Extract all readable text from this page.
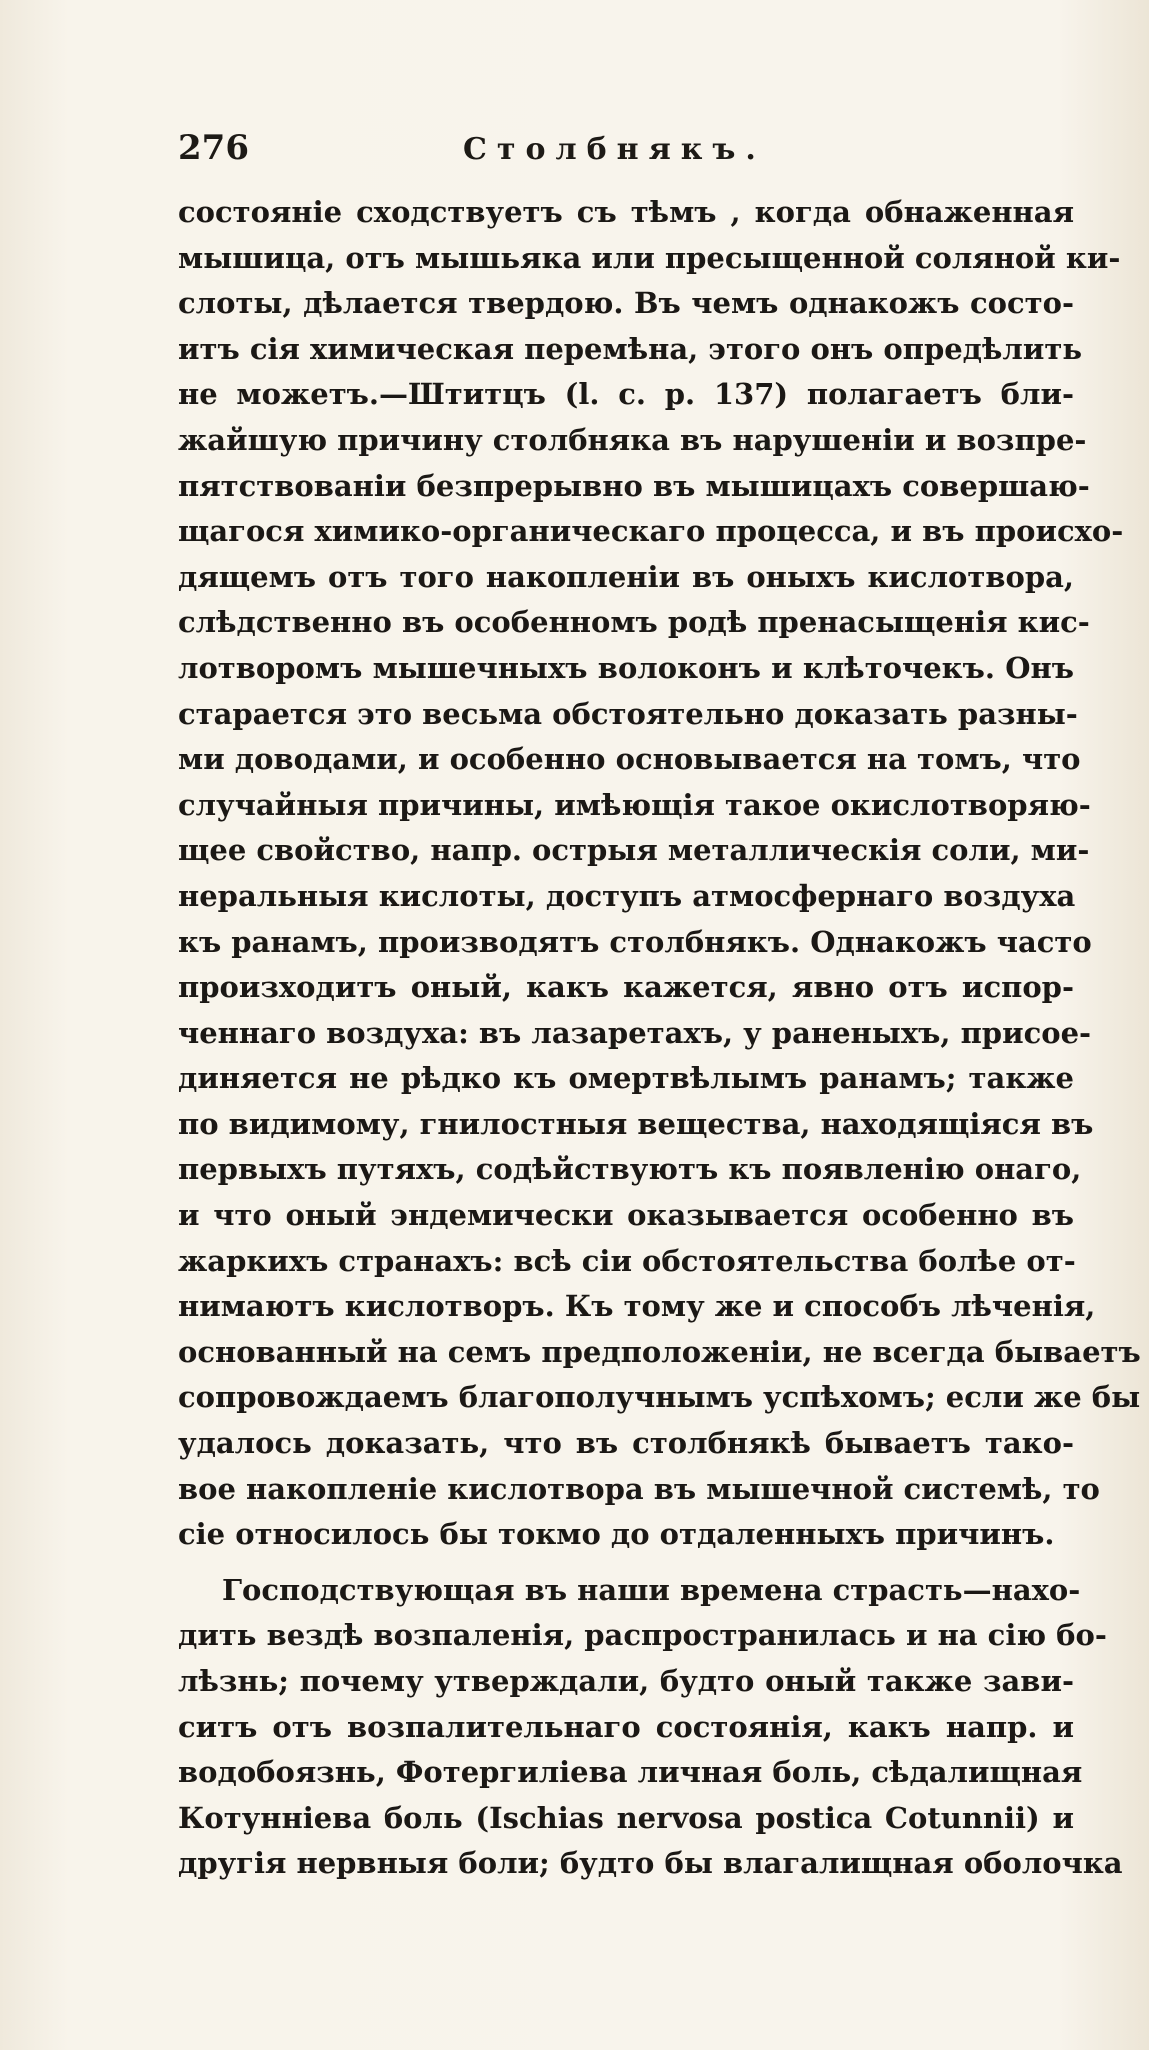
276	Столбнякъ.
состояніе сходствуетъ съ тѣмъ , когда обнаженная
мышица, отъ мышьяка или пресыщенной соляной ки-
слоты, дѣлается твердою. Въ чемъ однакожъ состо-
итъ сія химическая перемѣна, этого онъ опредѣлить
не можетъ.—Штитцъ (l. c. p. 137) полагаетъ бли-
жайшую причину столбняка въ нарушеніи и возпре-
пятствованіи безпрерывно въ мышицахъ совершаю-
щагося химико-органическаго процесса, и въ происхо-
дящемъ отъ того накопленіи въ оныхъ кислотвора,
слѣдственно въ особенномъ родѣ пренасыщенія кис-
лотворомъ мышечныхъ волоконъ и клѣточекъ. Онъ
старается это весьма обстоятельно доказать разны-
ми доводами, и особенно основывается на томъ, что
случайныя причины, имѣющія такое окислотворяю-
щее свойство, напр. острыя металлическія соли, ми-
неральныя кислоты, доступъ атмосфернаго воздуха
къ ранамъ, производятъ столбнякъ. Однакожъ часто
произходитъ оный, какъ кажется, явно отъ испор-
ченнаго воздуха: въ лазаретахъ, у раненыхъ, присое-
диняется не рѣдко къ омертвѣлымъ ранамъ; также
по видимому, гнилостныя вещества, находящіяся въ
первыхъ путяхъ, содѣйствуютъ къ появленію онаго,
и что оный эндемически оказывается особенно въ
жаркихъ странахъ: всѣ сіи обстоятельства болѣе от-
нимаютъ кислотворъ. Къ тому же и способъ лѣченія,
основанный на семъ предположеніи, не всегда бываетъ
сопровождаемъ благополучнымъ успѣхомъ; если же бы
удалось доказать, что въ столбнякѣ бываетъ тако-
вое накопленіе кислотвора въ мышечной системѣ, то
сіе относилось бы токмо до отдаленныхъ причинъ.
Господствующая въ наши времена страсть—нахо-
дить вездѣ возпаленія, распространилась и на сію бо-
лѣзнь; почему утверждали, будто оный также зави-
ситъ отъ возпалительнаго состоянія, какъ напр. и
водобоязнь, Фотергиліева личная боль, сѣдалищная
Котунніева боль (Ischias nervosa postica Cotunnii) и
другія нервныя боли; будто бы влагалищная оболочка
